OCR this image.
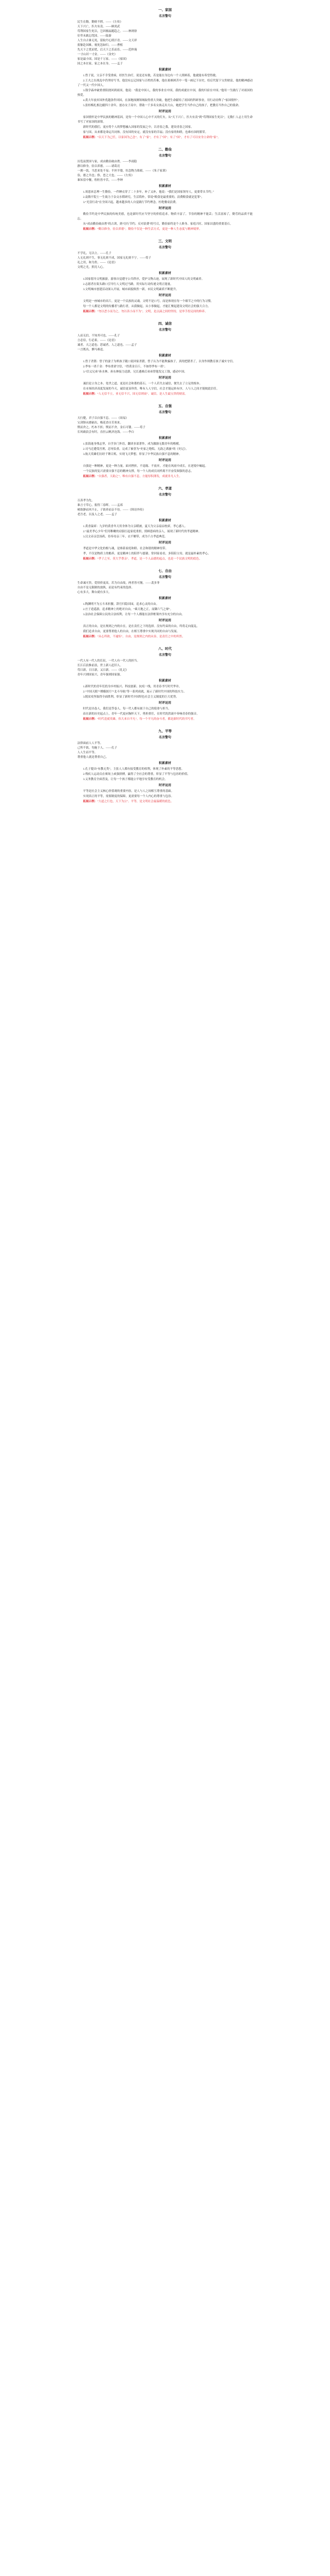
一、家国
名言警句
民生在勤，勤则不匮。——《左传》
天下兴亡，匹夫有责。——顾炎武
苟利国家生死以，岂因祸福避趋之。——林则徐
位卑未敢忘忧国。——陆游
人生自古谁无死，留取丹心照汗青。——文天祥
捐躯赴国难，视死忽如归。——曹植
先天下之忧而忧，后天下之乐而乐。——范仲淹
一寸山河一寸金。——《金史》
家是最小国，国是千万家。——《家国》
国之本在家，家之本在身。——孟子
积累素材
1.曾子说，父亲不幸受重病，经医生治疗，说是还有救，若是能在身边有一个人照顾着，他就能有希望得救。
2.王夫之在战乱中仍坚持写书，他没有忘记国家与百姓的苦难，他在艰难困苦中一笔一画记下历史，给后代留下宝贵财富，他的精神感动了一代又一代中国人。
3.钱学森冲破重重阻挠回到祖国，他说：“我是中国人，我的事业在中国，我的成就在中国，我的归宿在中国。”他用一生践行了对祖国的热爱。
4.黄大年放弃国外优越条件回国，在深地探测领域取得重大突破，他把生命献给了祖国的科研事业，用行动诠释了“家国情怀”。
5.张桂梅扎根边疆四十余年，创办女子高中，帮助一千多名女孩走出大山，她把学生当作自己的孩子，把教育当作自己的使命。
时评运用
家国情怀是中华民族的精神基因，是每一个中国人心中不灭的灯火。从“天下兴亡，匹夫有责”到“苟利国家生死以”，无数仁人志士用生命书写了对家国的深情。
新时代的我们，更应将个人的梦想融入国家的发展之中，以青春之我，建设青春之国家。
家与国，从来都是命运共同体。没有国的安定，就没有家的幸福；没有家的和睦，也难有国的繁荣。
拓展示例：“以天下为己任，以家国为己念”。有了“家”，才有了“国”；有了“国”，才有了可以安身立命的“家”。
二、勤俭
名言警句
历览前贤国与家，成由勤俭破由奢。——李商隐
静以修身，俭以养德。——诸葛亮
一粥一饭，当思来处不易；半丝半缕，恒念物力维艰。——《朱子家训》
俭，德之共也；侈，恶之大也。——《左传》
谁知盘中餐，粒粒皆辛苦。——李绅
积累素材
1.周恩来总理一生勤俭，一件睡衣穿了二十多年，补了又补，他说：“我们是国家领导人，更要带头节约。”
2.袁隆平院士一生致力于杂交水稻研究，生活简朴，常说“粮食是最重要的，浪费粮食就是犯罪”。
3.“光盘行动”在全国兴起，越来越多的人自觉践行节约理念，杜绝餐桌浪费。
时评运用
勤俭节约是中华民族的传统美德，也是新时代应当坚守的价值追求。物质丰富了，节俭的精神不能丢；生活富裕了，勤劳的品质不能忘。
从“成由勤俭破由奢”的古训，到“厉行节约、反对浪费”的号召，勤俭始终是个人修身、家庭兴旺、国家昌盛的重要基石。
拓展示例：“勤以修身，俭以养德”。勤俭不仅是一种生活方式，更是一种人生态度与精神境界。
三、文明
名言警句
不学礼，无以立。——孔子
人无礼则不生，事无礼则不成，国家无礼则不宁。——荀子
礼之用，和为贵。——《论语》
文明之光，照亮人心。
积累素材
1.国家倡导文明旅游，游客自觉遵守公共秩序，爱护文物古迹，展现了新时代中国人的文明素养。
2.志愿者在街头路口引导行人文明过马路，用实际行动传递文明正能量。
3.文明城市创建活动深入开展，城市面貌焕然一新，市民文明素质不断提升。
时评运用
文明是一座城市的名片，更是一个民族的灵魂。文明不是口号，而是体现在每一个细节之中的行为习惯。
每一个人都是文明的传播者与践行者，从我做起，从小事做起，才能汇聚起建设文明社会的强大合力。
拓展示例：“勿以恶小而为之，勿以善小而不为”。文明，是点滴之间的坚持，是举手投足间的修养。
四、诚信
名言警句
人而无信，不知其可也。——孔子
言必信，行必果。——《论语》
诚者，天之道也；思诚者，人之道也。——孟子
一言既出，驷马难追。
积累素材
1.曾子杀猪：曾子的妻子为哄孩子随口说回家杀猪，曾子认为不能欺骗孩子，真的把猪杀了，以身作则教育孩子诚实守信。
2.季布一诺千金：季布重诺守信，“得黄金百斤，不如得季布一诺”。
3.“信义兄弟”孙水林、孙东林接力送薪，兄长遇难后弟弟替他发完工钱，感动中国。
时评运用
诚信是立身之本、处世之道，更是社会和谐的基石。一个人若失去诚信，便失去了立足的根本。
在市场经济高度发展的今天，诚信更显珍贵。唯有人人守信，社会才能运转有序，人与人之间才能彼此信任。
拓展示例：“人无信不立，业无信不兴，国无信则衰”。诚信，是人生最宝贵的财富。
五、自强
名言警句
天行健，君子以自强不息。——《周易》
宝剑锋从磨砺出，梅花香自苦寒来。
锲而舍之，朽木不折；锲而不舍，金石可镂。——荀子
长风破浪会有时，直挂云帆济沧海。——李白
积累素材
1.张海迪身残志坚，自学多门外语，翻译多部著作，成为激励无数青年的楷模。
2.司马迁遭受宫刑，忍辱负重，完成了被誉为“史家之绝唱，无韵之离骚”的《史记》。
3.航天英雄们历经千锤百炼，实现飞天梦想，彰显了中华民族自强不息的精神。
时评运用
自强是一种精神，更是一种力量。面对挫折，不退缩、不放弃，才能在风雨中成长，在逆境中崛起。
一个民族的复兴需要自强不息的精神支撑，每一个人的成长同样离不开奋发图强的意志。
拓展示例：“自强者，天助之”。唯有自强不息，方能厚积薄发，成就非凡人生。
六、孝道
名言警句
百善孝为先。
谁言寸草心，报得三春晖。——孟郊
树欲静而风不止，子欲养而亲不待。——《韩诗外传》
老吾老，以及人之老。——孟子
积累素材
1.黄香温席：九岁的黄香冬天用身体为父亲暖被，夏天为父亲扇凉枕席，孝心感人。
2.“最美孝心少年”们用稚嫩的肩膀扛起家庭重担，照顾患病的亲人，展现了新时代的孝道精神。
3.汉文帝亲尝汤药，侍奉母亲三年，衣不解带，成为千古孝道典范。
时评运用
孝道是中华文化的根与魂，是维系家庭和睦、社会和谐的精神纽带。
孝，不仅是物质上的赡养，更是精神上的陪伴与慰藉。常回家看看，多陪陪父母，就是最朴素的孝心。
拓展示例：“孝子之至，莫大乎尊亲”。孝道，是一个人品德的起点，也是一个民族文明的底色。
七、自由
名言警句
生命诚可贵，爱情价更高。若为自由故，两者皆可抛。——裴多菲
自由不是无限制的放纵，而是有约束的选择。
心有多大，舞台就有多大。
积累素材
1.陶渊明不为五斗米折腰，辞官归隐田园，追求心灵的自由。
2.庄子逍遥游，追求精神上的绝对自由，“乘天地之正，而御六气之辩”。
3.法治社会保障公民的合法权利，让每一个人都能在法律框架内享有充分的自由。
时评运用
真正的自由，是在规则之内的自在，是在责任之下的选择。没有约束的自由，终将走向混乱。
我们追求自由，更要尊重他人的自由，在相互尊重中实现共同的自由与发展。
拓展示例：“从心所欲，不逾矩”。自由，是规则之内的从容，是责任之中的坦然。
八、时代
名言警句
一代人有一代人的长征，一代人有一代人的担当。
长江后浪推前浪，世上新人赶旧人。
苟日新，日日新，又日新。——《礼记》
青年兴则国家兴，青年强则国家强。
积累素材
1.新时代的青年们投身乡村振兴、科技创新、抗疫一线，用青春书写时代华章。
2.“中国天眼”“嫦娥探月”“北斗导航”等一系列成就，展示了新时代中国的科技实力。
3.脱贫攻坚取得全面胜利，彰显了新时代中国特色社会主义制度的巨大优势。
时评运用
时代是出卷人，我们是答卷人。每一代人都有属于自己的使命与担当。
站在新的历史起点上，青年一代更应胸怀天下，勇担重任，在时代的洪流中奏响青春的强音。
拓展示例：“时代造就英雄，伟大来自平凡”。每一个平凡的奋斗者，都是新时代的书写者。
九、平等
名言警句
法律面前人人平等。
己所不欲，勿施于人。——孔子
人人生而平等。
尊重他人就是尊重自己。
积累素材
1.孔子提出“有教无类”，主张人人都有接受教育的权利，体现了朴素的平等思想。
2.残疾人运动员在赛场上顽强拼搏，赢得了全社会的尊重，彰显了平等与包容的价值。
3.义务教育全面普及，让每一个孩子都能公平地享有受教育的机会。
时评运用
平等是社会主义核心价值观的重要内容，是人与人之间相互尊重的基础。
实现真正的平等，需要制度的保障，更需要每一个人内心的尊重与包容。
拓展示例：“大道之行也，天下为公”。平等，是文明社会最温暖的底色。
